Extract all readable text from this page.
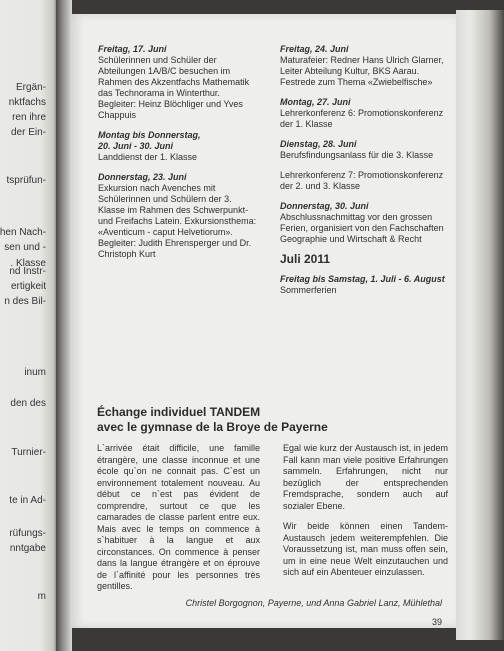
Ergän-
nktfachs
ren ihre
der Ein-
tsprüfun-
hen Nach-
sen und -
. Klasse
nd Instr-
ertigkeit
n des Bil-
inum
den des
Turnier-
te in Ad-
rüfungs-
nntgabe
m
Freitag, 17. Juni
Schülerinnen und Schüler der Abteilungen 1A/B/C besuchen im Rahmen des Akzentfachs Mathematik das Technorama in Winterthur.
Begleiter: Heinz Blöchliger und Yves Chappuis
Montag bis Donnerstag,
20. Juni - 30. Juni
Landdienst der 1. Klasse
Donnerstag, 23. Juni
Exkursion nach Avenches mit Schülerinnen und Schülern der 3. Klasse im Rahmen des Schwerpunkt- und Freifachs Latein. Exkursionsthema: «Aventicum - caput Helvetiorum».
Begleiter: Judith Ehrensperger und Dr. Christoph Kurt
Freitag, 24. Juni
Maturafeier: Redner Hans Ulrich Glarner, Leiter Abteilung Kultur, BKS Aarau.
Festrede zum Thema «Zwiebelfische»
Montag, 27. Juni
Lehrerkonferenz 6: Promotionskonferenz der 1. Klasse
Dienstag, 28. Juni
Berufsfindungsanlass für die 3. Klasse
Lehrerkonferenz 7: Promotionskonferenz der 2. und 3. Klasse
Donnerstag, 30. Juni
Abschlussnachmittag vor den grossen Ferien, organisiert von den Fachschaften Geographie und Wirtschaft & Recht
Juli 2011
Freitag bis Samstag, 1. Juli - 6. August
Sommerferien
Échange individuel TANDEM
avec le gymnase de la Broye de Payerne

L`arrivée était difficile, une famille étrangère, une classe inconnue et une école qu`on ne connait pas. C`est un environnement totalement nouveau. Au début ce n`est pas évident de comprendre, surtout ce que les camarades de classe parlent entre eux. Mais avec le temps on commence à s`habituer à la langue et aux circonstances. On commence à penser dans la langue étrangère et on éprouve de l`affinité pour les personnes très gentilles.

Egal wie kurz der Austausch ist, in jedem Fall kann man viele positive Erfahrungen sammeln. Erfahrungen, nicht nur bezüglich der entsprechenden Fremdsprache, sondern auch auf sozialer Ebene.

Wir beide können einen Tandem-Austausch jedem weiterempfehlen. Die Voraussetzung ist, man muss offen sein, um in eine neue Welt einzutauchen und sich auf ein Abenteuer einzulassen.

Christel Borgognon, Payerne, und Anna Gabriel Lanz, Mühlethal
39
